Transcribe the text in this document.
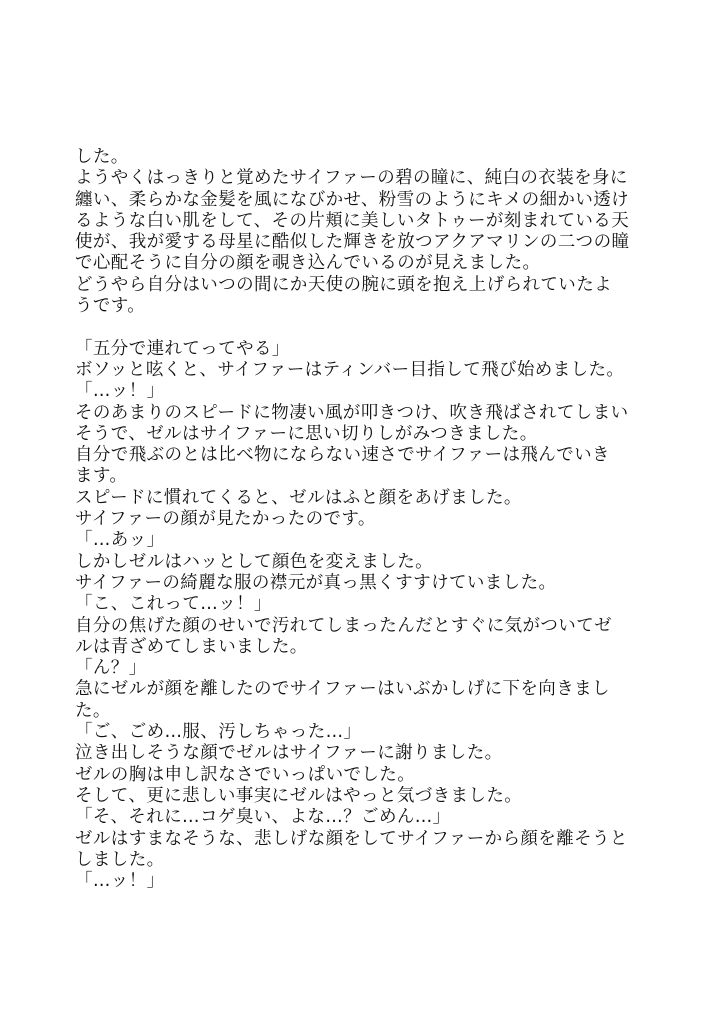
した。
ようやくはっきりと覚めたサイファーの碧の瞳に、純白の衣装を身に
纏い、柔らかな金髪を風になびかせ、粉雪のようにキメの細かい透け
るような白い肌をして、その片頬に美しいタトゥーが刻まれている天
使が、我が愛する母星に酷似した輝きを放つアクアマリンの二つの瞳
で心配そうに自分の顔を覗き込んでいるのが見えました。
どうやら自分はいつの間にか天使の腕に頭を抱え上げられていたよ
うです。
「五分で連れてってやる」
ボソッと呟くと、サイファーはティンバー目指して飛び始めました。
「…ッ！」
そのあまりのスピードに物凄い風が叩きつけ、吹き飛ばされてしまい
そうで、ゼルはサイファーに思い切りしがみつきました。
自分で飛ぶのとは比べ物にならない速さでサイファーは飛んでいき
ます。
スピードに慣れてくると、ゼルはふと顔をあげました。
サイファーの顔が見たかったのです。
「…あッ」
しかしゼルはハッとして顔色を変えました。
サイファーの綺麗な服の襟元が真っ黒くすすけていました。
「こ、これって…ッ！」
自分の焦げた顔のせいで汚れてしまったんだとすぐに気がついてゼ
ルは青ざめてしまいました。
「ん？」
急にゼルが顔を離したのでサイファーはいぶかしげに下を向きまし
た。
「ご、ごめ…服、汚しちゃった…」
泣き出しそうな顔でゼルはサイファーに謝りました。
ゼルの胸は申し訳なさでいっぱいでした。
そして、更に悲しい事実にゼルはやっと気づきました。
「そ、それに…コゲ臭い、よな…？ごめん…」
ゼルはすまなそうな、悲しげな顔をしてサイファーから顔を離そうと
しました。
「…ッ！」
